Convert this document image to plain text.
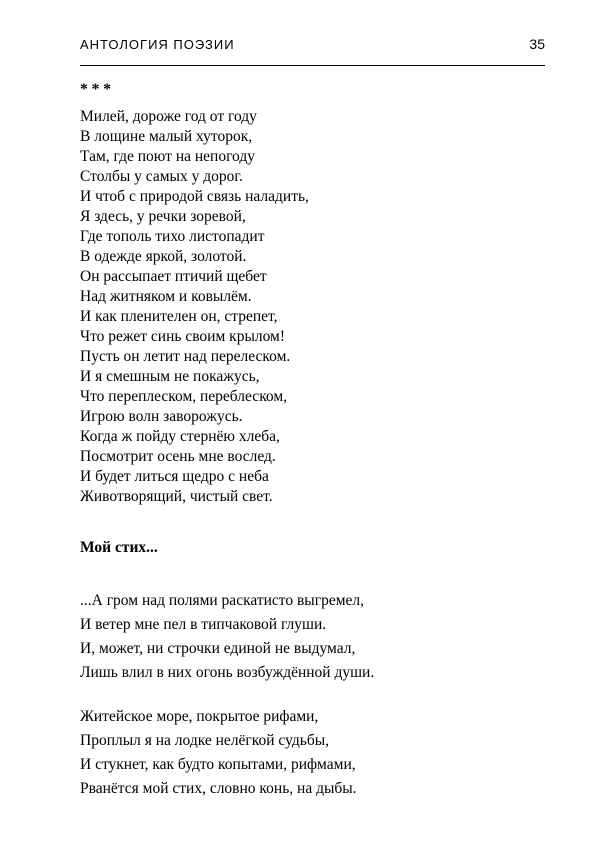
АНТОЛОГИЯ ПОЭЗИИ	35
* * *
Милей, дороже год от году
В лощине малый хуторок,
Там, где поют на непогоду
Столбы у самых у дорог.
И чтоб с природой связь наладить,
Я здесь, у речки зоревой,
Где тополь тихо листопадит
В одежде яркой, золотой.
Он рассыпает птичий щебет
Над житняком и ковылём.
И как пленителен он, стрепет,
Что режет синь своим крылом!
Пусть он летит над перелеском.
И я смешным не покажусь,
Что переплеском, переблеском,
Игрою волн заворожусь.
Когда ж пойду стернёю хлеба,
Посмотрит осень мне вослед.
И будет литься щедро с неба
Животворящий, чистый свет.
Мой стих...
...А гром над полями раскатисто выгремел,
И ветер мне пел в типчаковой глуши.
И, может, ни строчки единой не выдумал,
Лишь влил в них огонь возбуждённой души.
Житейское море, покрытое рифами,
Проплыл я на лодке нелёгкой судьбы,
И стукнет, как будто копытами, рифмами,
Рванётся мой стих, словно конь, на дыбы.
